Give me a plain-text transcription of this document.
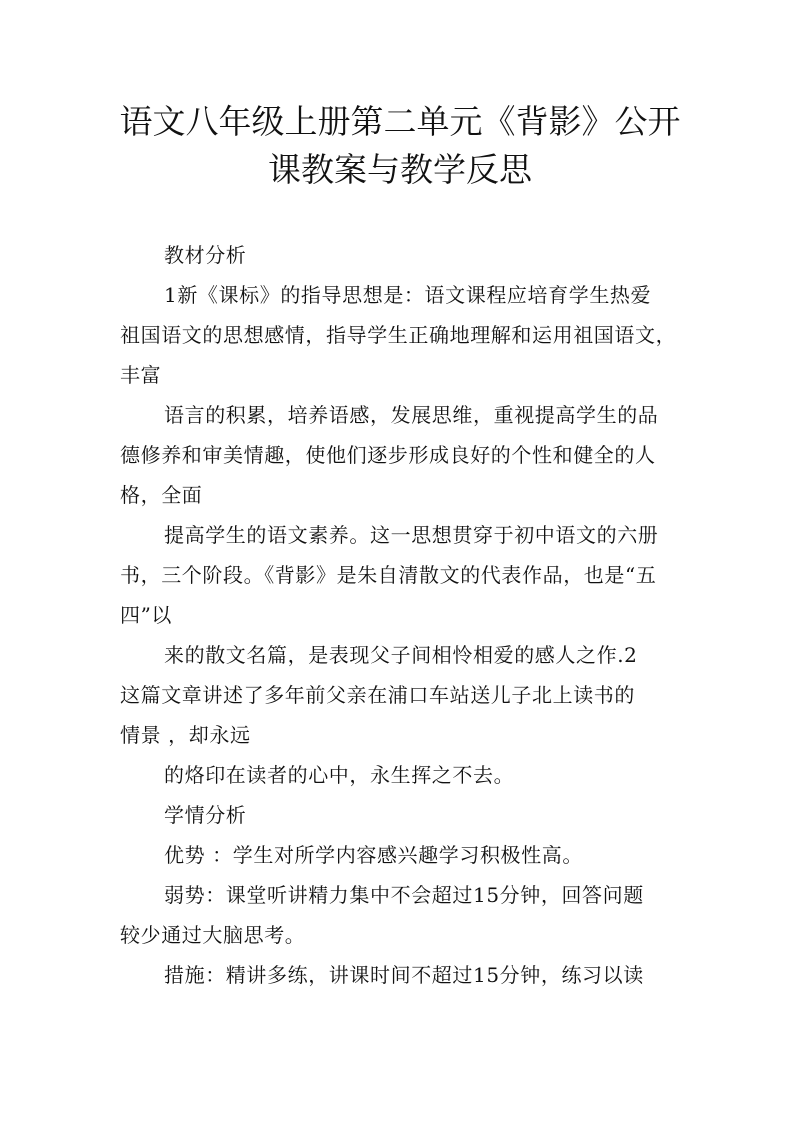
语文八年级上册第二单元《背影》公开
课教案与教学反思
教材分析
1新《课标》的指导思想是：语文课程应培育学生热爱
祖国语文的思想感情，指导学生正确地理解和运用祖国语文，
丰富
语言的积累，培养语感，发展思维，重视提高学生的品
德修养和审美情趣，使他们逐步形成良好的个性和健全的人
格，全面
提高学生的语文素养。这一思想贯穿于初中语文的六册
书，三个阶段。《背影》是朱自清散文的代表作品，也是“五
四”以
来的散文名篇，是表现父子间相怜相爱的感人之作.2
这篇文章讲述了多年前父亲在浦口车站送儿子北上读书的
情景 ，却永远
的烙印在读者的心中，永生挥之不去。
学情分析
优势 ：学生对所学内容感兴趣学习积极性高。
弱势：课堂听讲精力集中不会超过15分钟，回答问题
较少通过大脑思考。
措施：精讲多练，讲课时间不超过15分钟，练习以读
